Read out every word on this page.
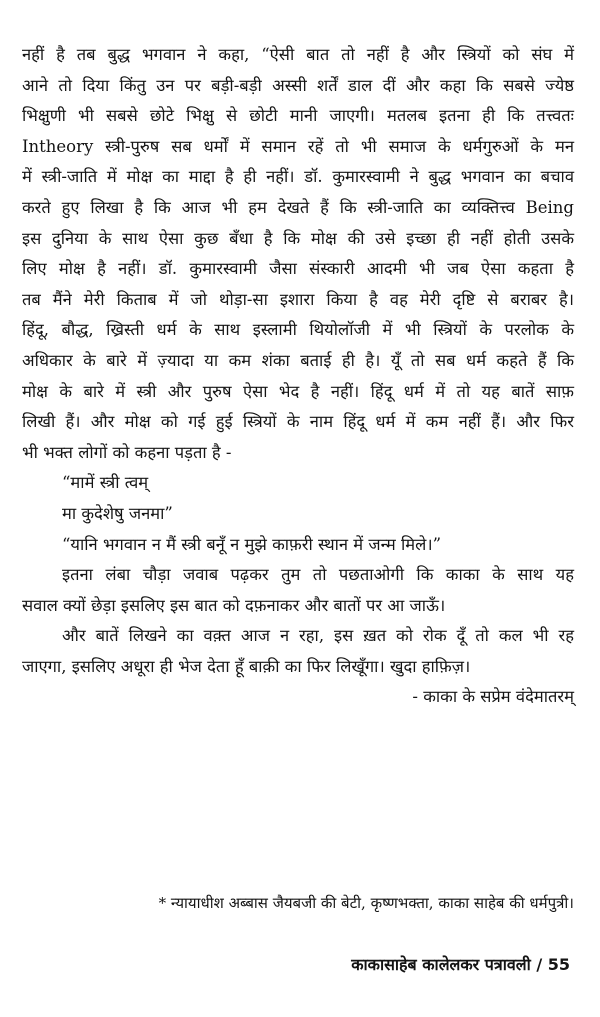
नहीं है तब बुद्ध भगवान ने कहा, “ऐसी बात तो नहीं है और स्त्रियों को संघ में
आने तो दिया किंतु उन पर बड़ी-बड़ी अस्सी शर्तें डाल दीं और कहा कि सबसे ज्येष्ठ
भिक्षुणी भी सबसे छोटे भिक्षु से छोटी मानी जाएगी। मतलब इतना ही कि तत्त्वतः
Intheory स्त्री-पुरुष सब धर्मों में समान रहें तो भी समाज के धर्मगुरुओं के मन
में स्त्री-जाति में मोक्ष का माद्दा है ही नहीं। डॉ. कुमारस्वामी ने बुद्ध भगवान का बचाव
करते हुए लिखा है कि आज भी हम देखते हैं कि स्त्री-जाति का व्यक्तित्त्व Being
इस दुनिया के साथ ऐसा कुछ बँधा है कि मोक्ष की उसे इच्छा ही नहीं होती उसके
लिए मोक्ष है नहीं। डॉ. कुमारस्वामी जैसा संस्कारी आदमी भी जब ऐसा कहता है
तब मैंने मेरी किताब में जो थोड़ा-सा इशारा किया है वह मेरी दृष्टि से बराबर है।
हिंदू, बौद्ध, ख्रिस्ती धर्म के साथ इस्लामी थियोलॉजी में भी स्त्रियों के परलोक के
अधिकार के बारे में ज़्यादा या कम शंका बताई ही है। यूँ तो सब धर्म कहते हैं कि
मोक्ष के बारे में स्त्री और पुरुष ऐसा भेद है नहीं। हिंदू धर्म में तो यह बातें साफ़
लिखी हैं। और मोक्ष को गई हुई स्त्रियों के नाम हिंदू धर्म में कम नहीं हैं। और फिर
भी भक्त लोगों को कहना पड़ता है -
“मामें स्त्री त्वम्
मा कुदेशेषु जनमा”
“यानि भगवान न मैं स्त्री बनूँ न मुझे काफ़री स्थान में जन्म मिले।”
इतना लंबा चौड़ा जवाब पढ़कर तुम तो पछताओगी कि काका के साथ यह
सवाल क्यों छेड़ा इसलिए इस बात को दफ़नाकर और बातों पर आ जाऊँ।
और बातें लिखने का वक़्त आज न रहा, इस ख़त को रोक दूँ तो कल भी रह
जाएगा, इसलिए अधूरा ही भेज देता हूँ बाक़ी का फिर लिखूँगा। खुदा हाफ़िज़।
- काका के सप्रेम वंदेमातरम्
* न्यायाधीश अब्बास जैयबजी की बेटी, कृष्णभक्ता, काका साहेब की धर्मपुत्री।
काकासाहेब कालेलकर पत्रावली / 55
